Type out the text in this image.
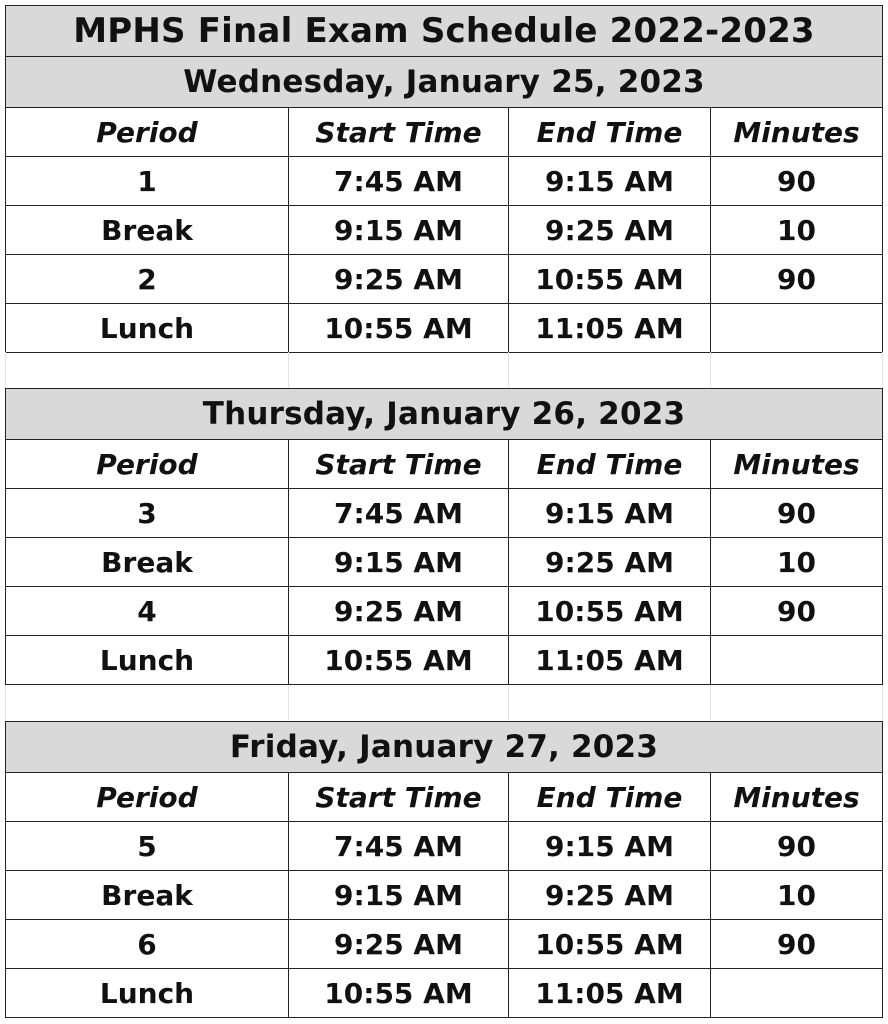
MPHS Final Exam Schedule 2022-2023
Wednesday, January 25, 2023
Period	Start Time	End Time	Minutes
1	7:45 AM	9:15 AM	90
Break	9:15 AM	9:25 AM	10
2	9:25 AM	10:55 AM	90
Lunch	10:55 AM	11:05 AM
Thursday, January 26, 2023
Period	Start Time	End Time	Minutes
3	7:45 AM	9:15 AM	90
Break	9:15 AM	9:25 AM	10
4	9:25 AM	10:55 AM	90
Lunch	10:55 AM	11:05 AM
Friday, January 27, 2023
Period	Start Time	End Time	Minutes
5	7:45 AM	9:15 AM	90
Break	9:15 AM	9:25 AM	10
6	9:25 AM	10:55 AM	90
Lunch	10:55 AM	11:05 AM
